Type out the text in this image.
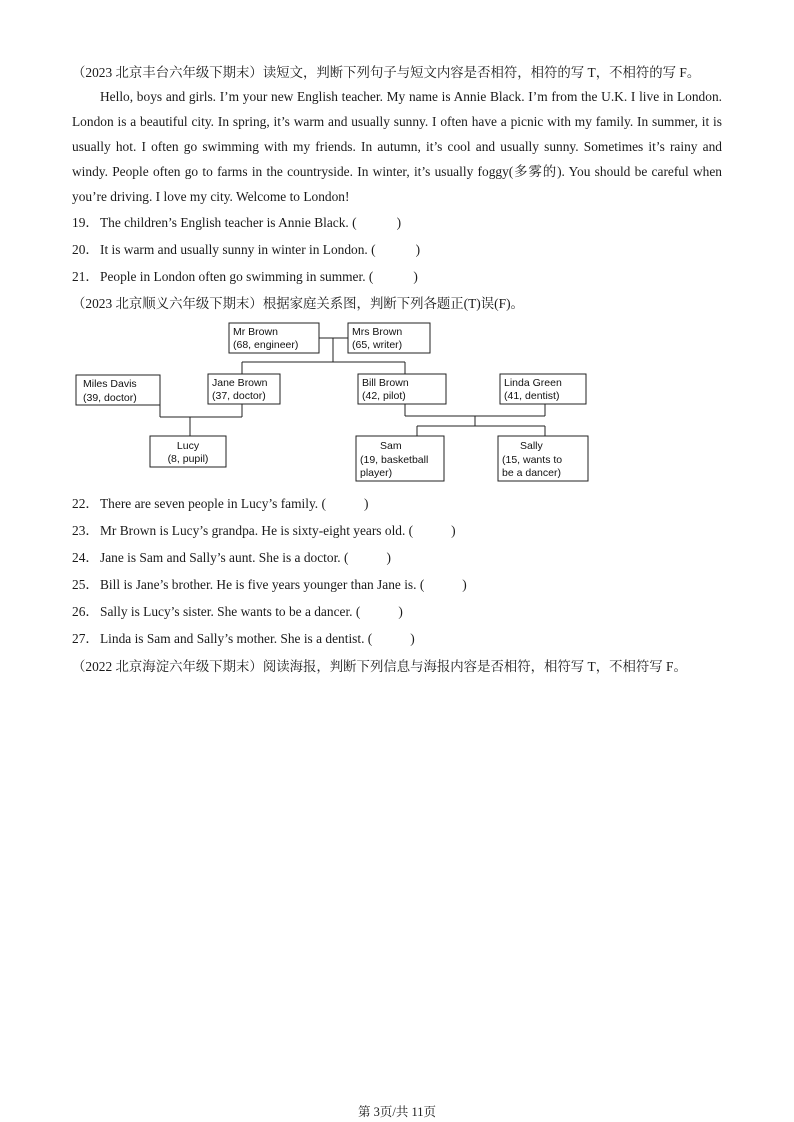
（2023 北京丰台六年级下期末）读短文，判断下列句子与短文内容是否相符，相符的写 T，不相符的写 F。
Hello, boys and girls. I’m your new English teacher. My name is Annie Black. I’m from the U.K. I live in London. London is a beautiful city. In spring, it’s warm and usually sunny. I often have a picnic with my family. In summer, it is usually hot. I often go swimming with my friends. In autumn, it’s cool and usually sunny. Sometimes it’s rainy and windy. People often go to farms in the countryside. In winter, it’s usually foggy(多雾的). You should be careful when you’re driving. I love my city. Welcome to London!
19．The children’s English teacher is Annie Black. (	)
20．It is warm and usually sunny in winter in London. (	)
21．People in London often go swimming in summer. (	)
（2023 北京顺义六年级下期末）根据家庭关系图，判断下列各题正(T)误(F)。
Mr Brown
(68, engineer)
Mrs Brown
(65, writer)
Miles Davis
(39, doctor)
Jane Brown
(37, doctor)
Bill Brown
(42, pilot)
Linda Green
(41, dentist)
Lucy
(8, pupil)
Sam
(19, basketball
player)
Sally
(15, wants to
be a dancer)
22．There are seven people in Lucy’s family. (	)
23．Mr Brown is Lucy’s grandpa. He is sixty-eight years old. (	)
24．Jane is Sam and Sally’s aunt. She is a doctor. (	)
25．Bill is Jane’s brother. He is five years younger than Jane is. (	)
26．Sally is Lucy’s sister. She wants to be a dancer. (	)
27．Linda is Sam and Sally’s mother. She is a dentist. (	)
（2022 北京海淀六年级下期末）阅读海报，判断下列信息与海报内容是否相符，相符写 T，不相符写 F。
第 3页/共 11页
